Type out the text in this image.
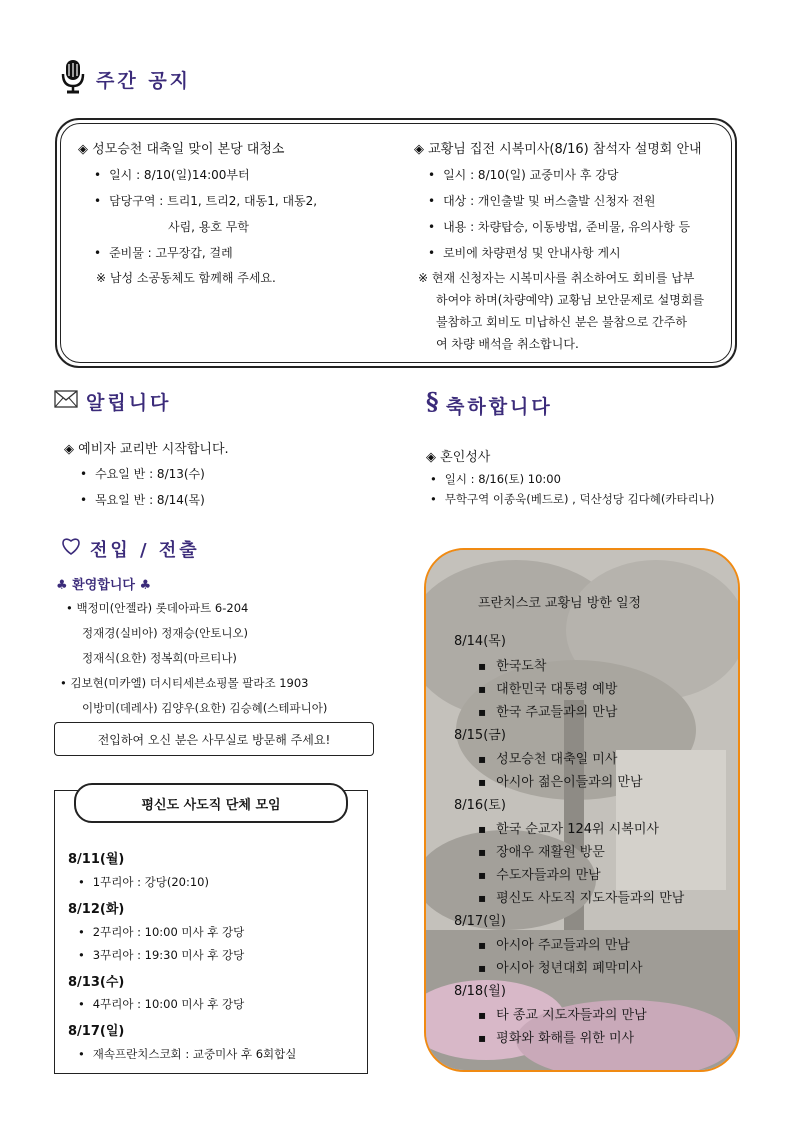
주간 공지
◈ 성모승천 대축일 맞이 본당 대청소
• 일시 : 8/10(일)14:00부터
• 담당구역 : 트리1, 트리2, 대동1, 대동2,
사림, 용호 무학
• 준비물 : 고무장갑, 걸레
※ 남성 소공동체도 함께해 주세요.
◈ 교황님 집전 시복미사(8/16) 참석자 설명회 안내
• 일시 : 8/10(일) 교중미사 후 강당
• 대상 : 개인출발 및 버스출발 신청자 전원
• 내용 : 차량탑승, 이동방법, 준비물, 유의사항 등
• 로비에 차량편성 및 안내사항 게시
※ 현재 신청자는 시복미사를 취소하여도 회비를 납부
하여야 하며(차량예약) 교황님 보안문제로 설명회를
불참하고 회비도 미납하신 분은 불참으로 간주하
여 차량 배석을 취소합니다.
알립니다
◈ 예비자 교리반 시작합니다.
• 수요일 반 : 8/13(수)
• 목요일 반 : 8/14(목)
§ 축하합니다
◈ 혼인성사
• 일시 : 8/16(토) 10:00
• 무학구역 이종욱(베드로) , 덕산성당 김다혜(카타리나)
전입 / 전출
♣ 환영합니다 ♣
• 백정미(안젤라) 롯데아파트 6-204
정재경(실비아) 정재승(안토니오)
정재식(요한) 정복희(마르티나)
• 김보현(미카엘) 더시티세븐쇼핑몰 팔라조 1903
이방미(데레사) 김양우(요한) 김승혜(스테파니아)
전입하여 오신 분은 사무실로 방문해 주세요!
평신도 사도직 단체 모임
8/11(월)
• 1꾸리아 : 강당(20:10)
8/12(화)
• 2꾸리아 : 10:00 미사 후 강당
• 3꾸리아 : 19:30 미사 후 강당
8/13(수)
• 4꾸리아 : 10:00 미사 후 강당
8/17(일)
• 재속프란치스코회 : 교중미사 후 6회합실
프란치스코 교황님 방한 일정
8/14(목)
▪ 한국도착
▪ 대한민국 대통령 예방
▪ 한국 주교들과의 만남
8/15(금)
▪ 성모승천 대축일 미사
▪ 아시아 젊은이들과의 만남
8/16(토)
▪ 한국 순교자 124위 시복미사
▪ 장애우 재활원 방문
▪ 수도자들과의 만남
▪ 평신도 사도직 지도자들과의 만남
8/17(일)
▪ 아시아 주교들과의 만남
▪ 아시아 청년대회 폐막미사
8/18(월)
▪ 타 종교 지도자들과의 만남
▪ 평화와 화해를 위한 미사
